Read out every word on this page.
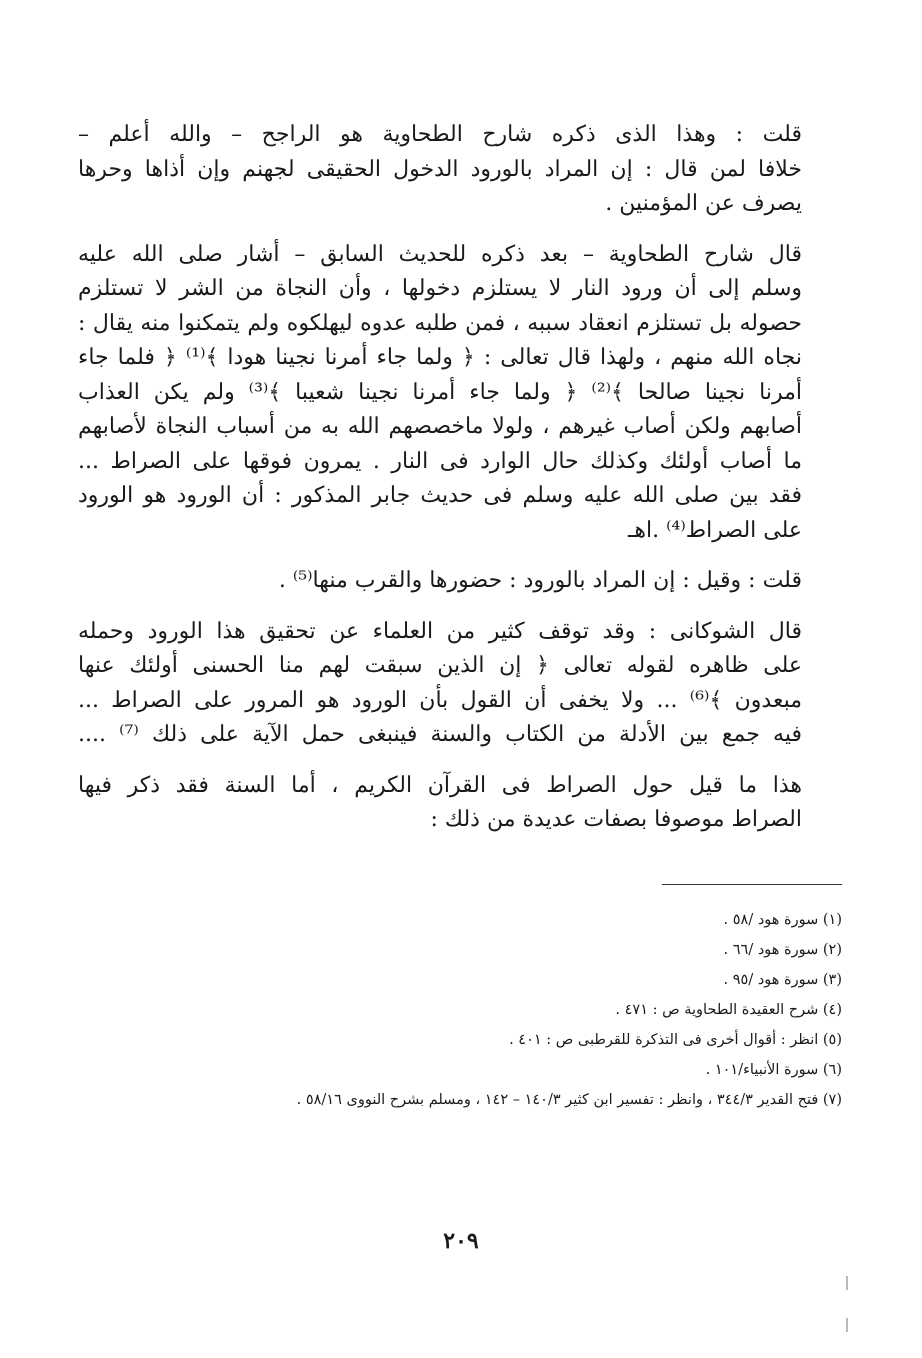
قلت : وهذا الذى ذكره شارح الطحاوية هو الراجح – والله أعلم –
خلافا لمن قال : إن المراد بالورود الدخول الحقيقى لجهنم وإن أذاها وحرها
يصرف عن المؤمنين .
قال شارح الطحاوية – بعد ذكره للحديث السابق – أشار صلى الله عليه
وسلم إلى أن ورود النار لا يستلزم دخولها ، وأن النجاة من الشر لا تستلزم
حصوله بل تستلزم انعقاد سببه ، فمن طلبه عدوه ليهلكوه ولم يتمكنوا منه يقال :
نجاه الله منهم ، ولهذا قال تعالى : ﴿ ولما جاء أمرنا نجينا هودا ﴾⁽¹⁾ ﴿ فلما جاء
أمرنا نجينا صالحا ﴾⁽²⁾ ﴿ ولما جاء أمرنا نجينا شعيبا ﴾⁽³⁾ ولم يكن العذاب
أصابهم ولكن أصاب غيرهم ، ولولا ماخصصهم الله به من أسباب النجاة لأصابهم
ما أصاب أولئك وكذلك حال الوارد فى النار . يمرون فوقها على الصراط ...
فقد بين صلى الله عليه وسلم فى حديث جابر المذكور : أن الورود هو الورود
على الصراط⁽⁴⁾ .اهـ
قلت : وقيل : إن المراد بالورود : حضورها والقرب منها⁽⁵⁾ .
قال الشوكانى : وقد توقف كثير من العلماء عن تحقيق هذا الورود وحمله
على ظاهره لقوله تعالى ﴿ إن الذين سبقت لهم منا الحسنى أولئك عنها
مبعدون ﴾⁽⁶⁾ ... ولا يخفى أن القول بأن الورود هو المرور على الصراط ...
فيه جمع بين الأدلة من الكتاب والسنة فينبغى حمل الآية على ذلك ⁽⁷⁾ ....
هذا ما قيل حول الصراط فى القرآن الكريم ، أما السنة فقد ذكر فيها
الصراط موصوفا بصفات عديدة من ذلك :
(١) سورة هود /٥٨ .
(٢) سورة هود /٦٦ .
(٣) سورة هود /٩٥ .
(٤) شرح العقيدة الطحاوية ص : ٤٧١ .
(٥) انظر : أقوال أخرى فى التذكرة للقرطبى ص : ٤٠١ .
(٦) سورة الأنبياء/١٠١ .
(٧) فتح القدير ٣٤٤/٣ ، وانظر : تفسير ابن كثير ١٤٠/٣ – ١٤٢ ، ومسلم بشرح النووى ٥٨/١٦ .
٢٠٩
